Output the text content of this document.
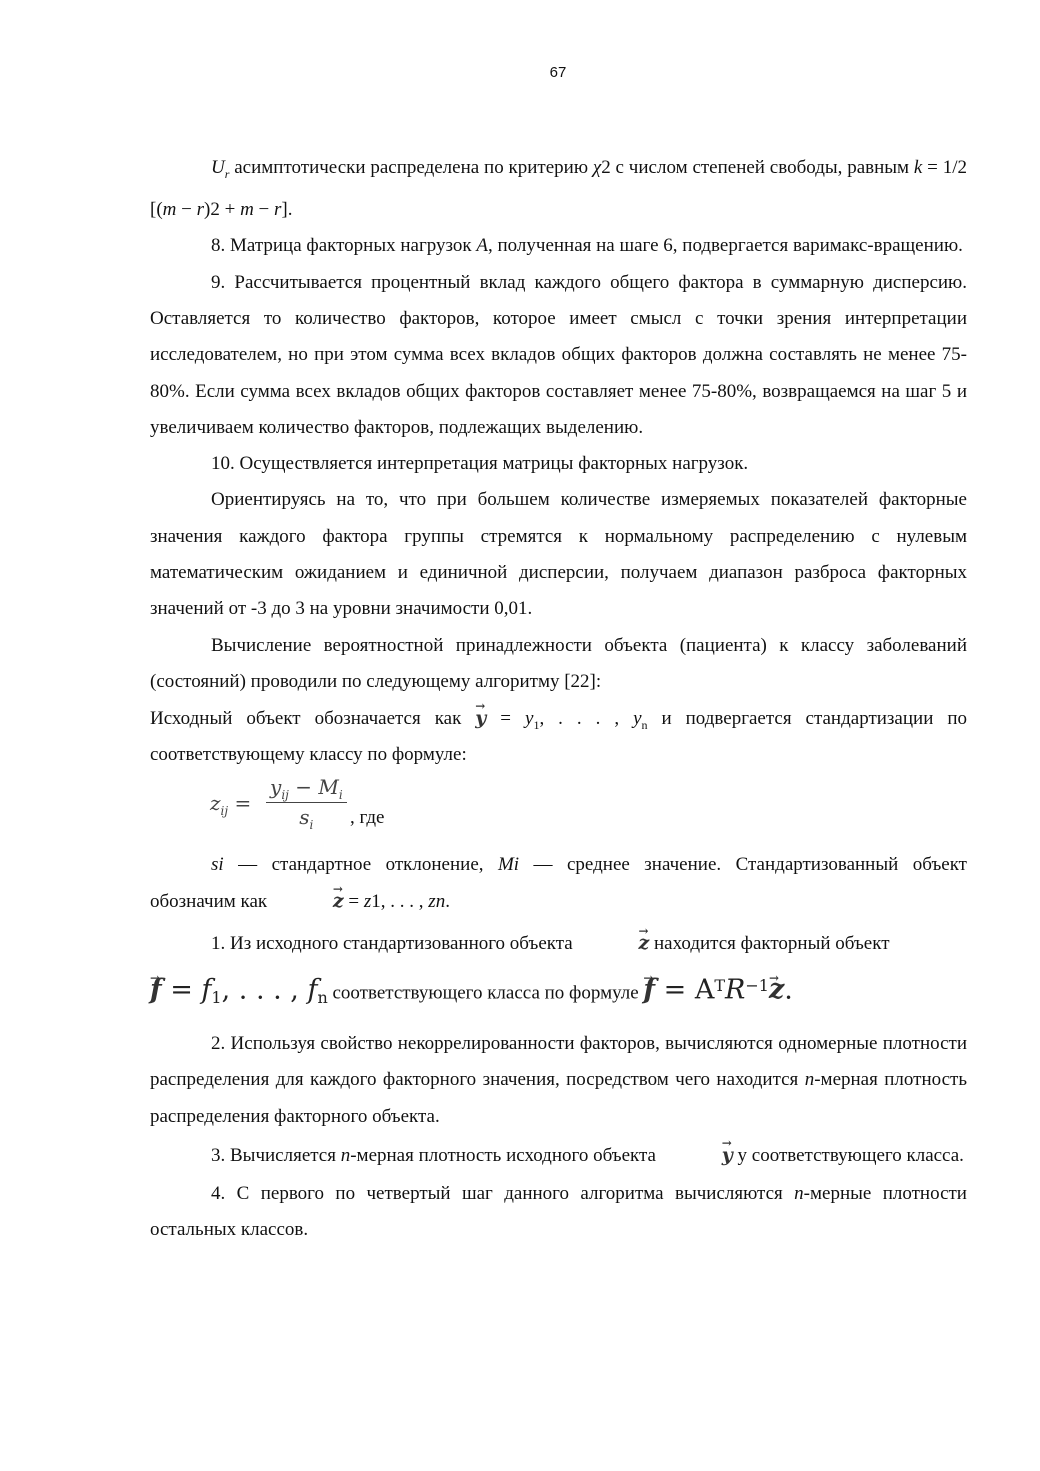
67

$U_r$ асимптотически распределена по критерию χ2 с числом степеней свободы, равным k = 1/2 [(m − r)2 + m − r].

8. Матрица факторных нагрузок A, полученная на шаге 6, подвергается варимакс-вращению.

9. Рассчитывается процентный вклад каждого общего фактора в суммарную дисперсию. Оставляется то количество факторов, которое имеет смысл с точки зрения интерпретации исследователем, но при этом сумма всех вкладов общих факторов должна составлять не менее 75-80%. Если сумма всех вкладов общих факторов составляет менее 75-80%, возвращаемся на шаг 5 и увеличиваем количество факторов, подлежащих выделению.

10. Осуществляется интерпретация матрицы факторных нагрузок.

Ориентируясь на то, что при большем количестве измеряемых показателей факторные значения каждого фактора группы стремятся к нормальному распределению с нулевым математическим ожиданием и единичной дисперсии, получаем диапазон разброса факторных значений от -3 до 3 на уровни значимости 0,01.

Вычисление вероятностной принадлежности объекта (пациента) к классу заболеваний (состояний) проводили по следующему алгоритму [22]:

Исходный объект обозначается как → $y = y_1$, . . . , $y_n$ и подвергается стандартизации по соответствующему классу по формуле:

$z_{ij}$ =
$y_{ij} - M_i$
$s_i$	, где

si — стандартное отклонение, Mi — среднее значение. Стандартизованный объект обозначим как	→ z = z1, . . . , zn.

1. Из исходного стандартизованного объекта	→ z находится факторный объект

→ $f = f_1$, . . . , $f_n$ соответствующего класса по формуле → $f = A^TR^{-1}\to z$.

2. Используя свойство некоррелированности факторов, вычисляются одномерные плотности распределения для каждого факторного значения, посредством чего находится n-мерная плотность распределения факторного объекта.

3. Вычисляется n-мерная плотность исходного объекта	→ y у соответствующего класса.

4. С первого по четвертый шаг данного алгоритма вычисляются n-мерные плотности остальных классов.
